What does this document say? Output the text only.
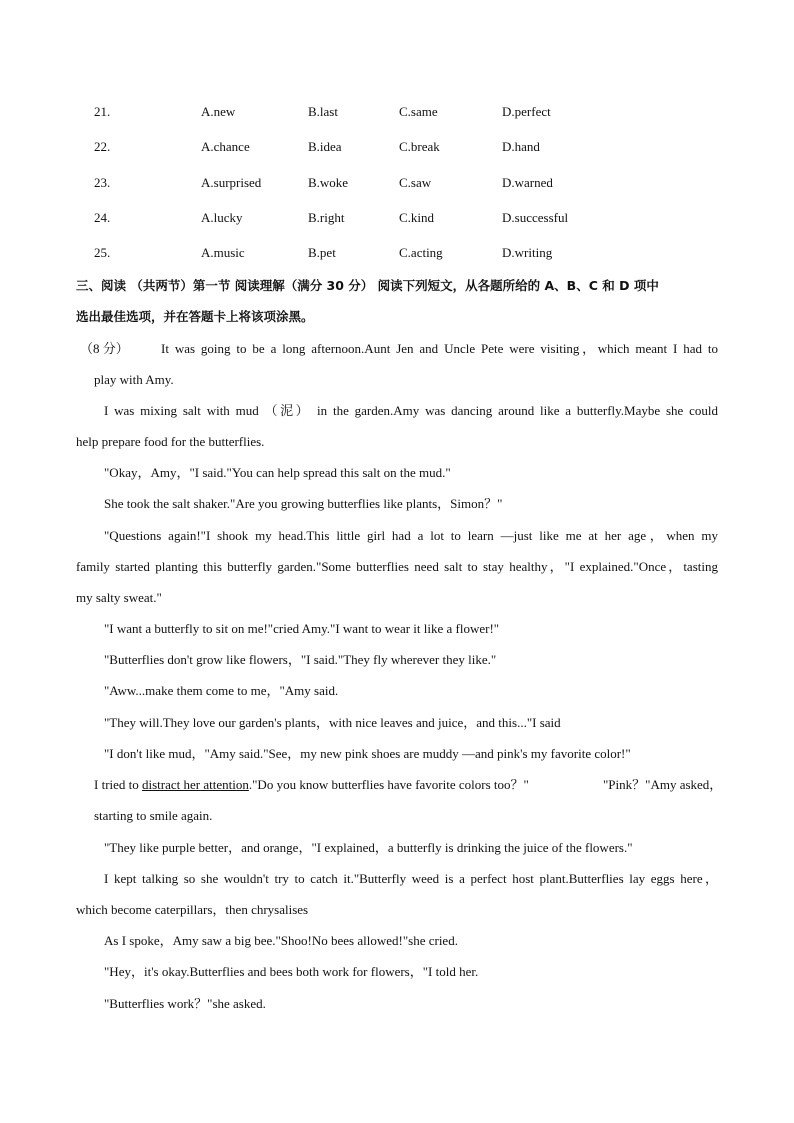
21.	A.new	B.last	C.same	D.perfect
22.	A.chance	B.idea	C.break	D.hand
23.	A.surprised	B.woke	C.saw	D.warned
24.	A.lucky	B.right	C.kind	D.successful
25.	A.music	B.pet	C.acting	D.writing
三、阅读 （共两节）第一节 阅读理解（满分 30 分） 阅读下列短文，从各题所给的 A、B、C 和 D 项中
选出最佳选项，并在答题卡上将该项涂黑。
（8 分） It was going to be a long afternoon.Aunt Jen and Uncle Pete were visiting，which meant I had to
play with Amy.
I was mixing salt with mud （泥） in the garden.Amy was dancing around like a butterfly.Maybe she could
help prepare food for the butterflies.
"Okay，Amy，"I said."You can help spread this salt on the mud."
She took the salt shaker."Are you growing butterflies like plants，Simon？"
"Questions again!"I shook my head.This little girl had a lot to learn —just like me at her age，when my
family started planting this butterfly garden."Some butterflies need salt to stay healthy，"I explained."Once，tasting
my salty sweat."
"I want a butterfly to sit on me!"cried Amy."I want to wear it like a flower!"
"Butterflies don't grow like flowers，"I said."They fly wherever they like."
"Aww...make them come to me，"Amy said.
"They will.They love our garden's plants，with nice leaves and juice，and this..."I said
"I don't like mud，"Amy said."See，my new pink shoes are muddy —and pink's my favorite color!"
I tried to distract her attention."Do you know butterflies have favorite colors too？"	"Pink？"Amy asked，
starting to smile again.
"They like purple better，and orange，"I explained，a butterfly is drinking the juice of the flowers."
I kept talking so she wouldn't try to catch it."Butterfly weed is a perfect host plant.Butterflies lay eggs here，
which become caterpillars，then chrysalises
As I spoke，Amy saw a big bee."Shoo!No bees allowed!"she cried.
"Hey，it's okay.Butterflies and bees both work for flowers，"I told her.
"Butterflies work？"she asked.
